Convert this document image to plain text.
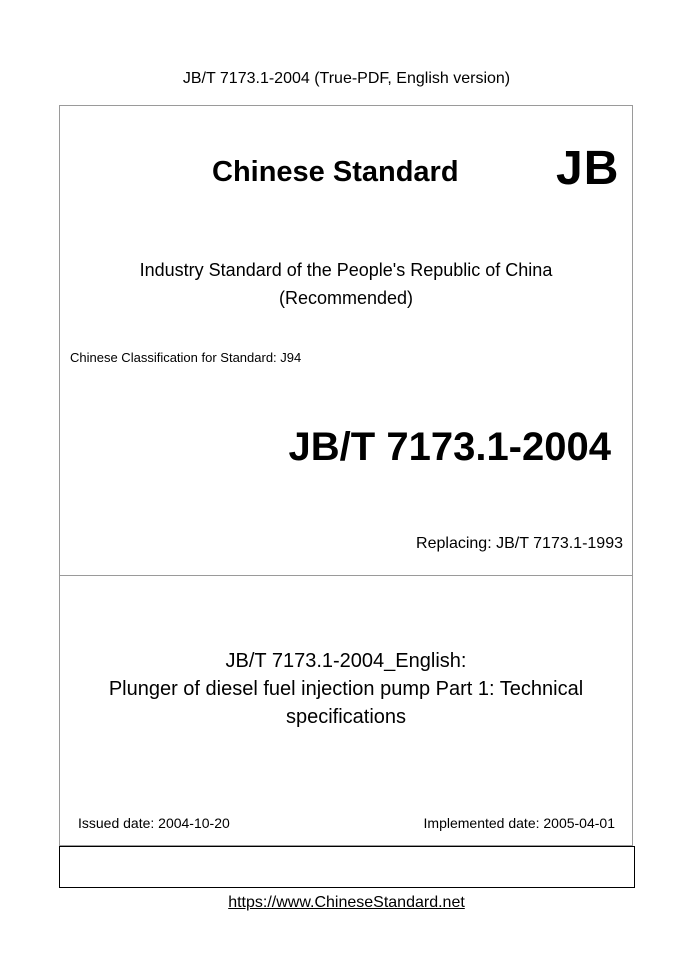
JB/T 7173.1-2004 (True-PDF, English version)
Chinese Standard JB
Industry Standard of the People's Republic of China
(Recommended)
Chinese Classification for Standard: J94
JB/T 7173.1-2004
Replacing: JB/T 7173.1-1993
JB/T 7173.1-2004_English:
Plunger of diesel fuel injection pump Part 1: Technical
specifications
Issued date: 2004-10-20	Implemented date: 2005-04-01
https://www.ChineseStandard.net
